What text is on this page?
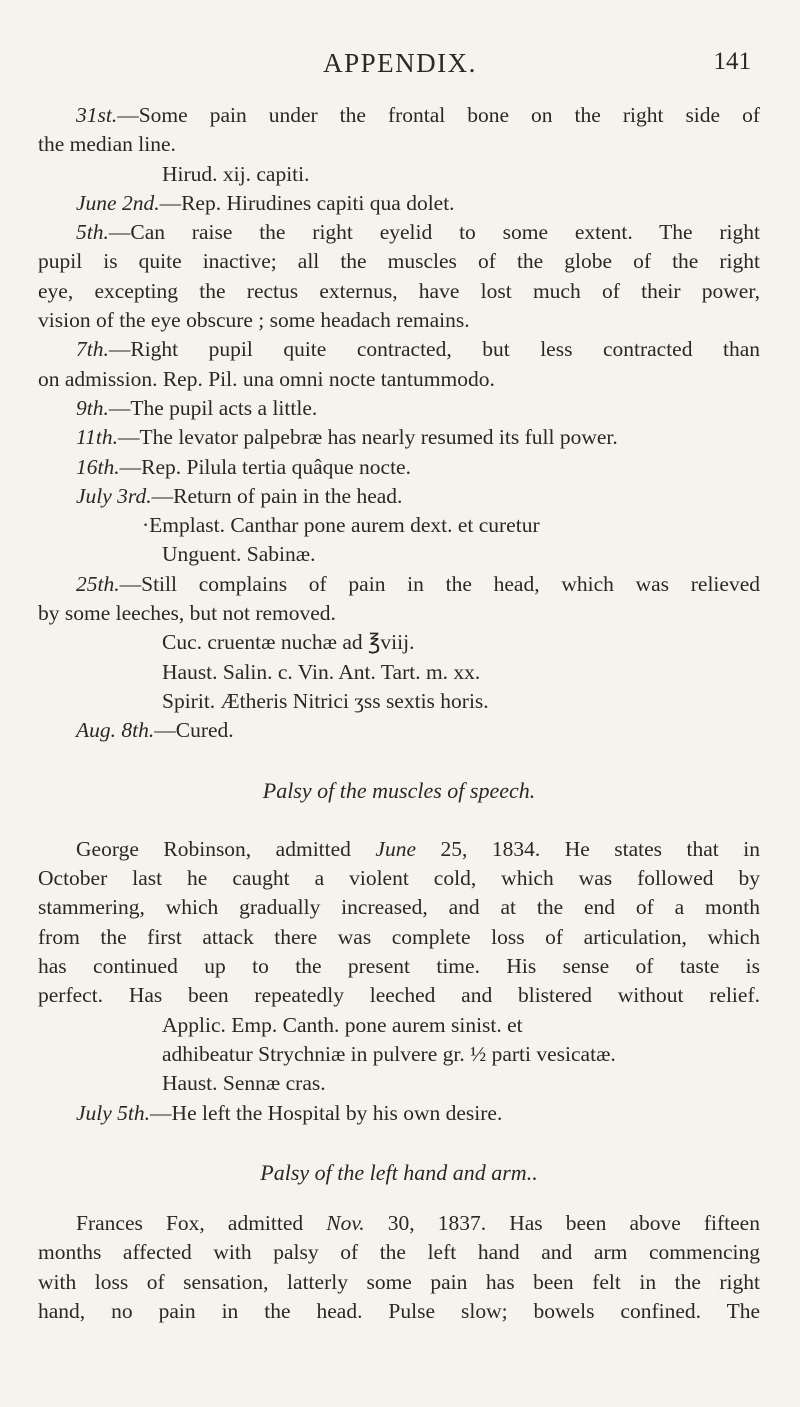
APPENDIX.	141
31st.—Some pain under the frontal bone on the right side of
the median line.
Hirud. xij. capiti.
June 2nd.—Rep. Hirudines capiti qua dolet.
5th.—Can raise the right eyelid to some extent. The right
pupil is quite inactive; all the muscles of the globe of the right
eye, excepting the rectus externus, have lost much of their power,
vision of the eye obscure ; some headach remains.
7th.—Right pupil quite contracted, but less contracted than
on admission. Rep. Pil. una omni nocte tantummodo.
9th.—The pupil acts a little.
11th.—The levator palpebræ has nearly resumed its full power.
16th.—Rep. Pilula tertia quâque nocte.
July 3rd.—Return of pain in the head.
·Emplast. Canthar pone aurem dext. et curetur
Unguent. Sabinæ.
25th.—Still complains of pain in the head, which was relieved
by some leeches, but not removed.
Cuc. cruentæ nuchæ ad ℥viij.
Haust. Salin. c. Vin. Ant. Tart. m. xx.
Spirit. Ætheris Nitrici ʒss sextis horis.
Aug. 8th.—Cured.
Palsy of the muscles of speech.
George Robinson, admitted June 25, 1834. He states that in
October last he caught a violent cold, which was followed by
stammering, which gradually increased, and at the end of a month
from the first attack there was complete loss of articulation, which
has continued up to the present time. His sense of taste is
perfect. Has been repeatedly leeched and blistered without relief.
Applic. Emp. Canth. pone aurem sinist. et
adhibeatur Strychniæ in pulvere gr. ½ parti vesicatæ.
Haust. Sennæ cras.
July 5th.—He left the Hospital by his own desire.
Palsy of the left hand and arm..
Frances Fox, admitted Nov. 30, 1837. Has been above fifteen
months affected with palsy of the left hand and arm commencing
with loss of sensation, latterly some pain has been felt in the right
hand, no pain in the head. Pulse slow; bowels confined. The
